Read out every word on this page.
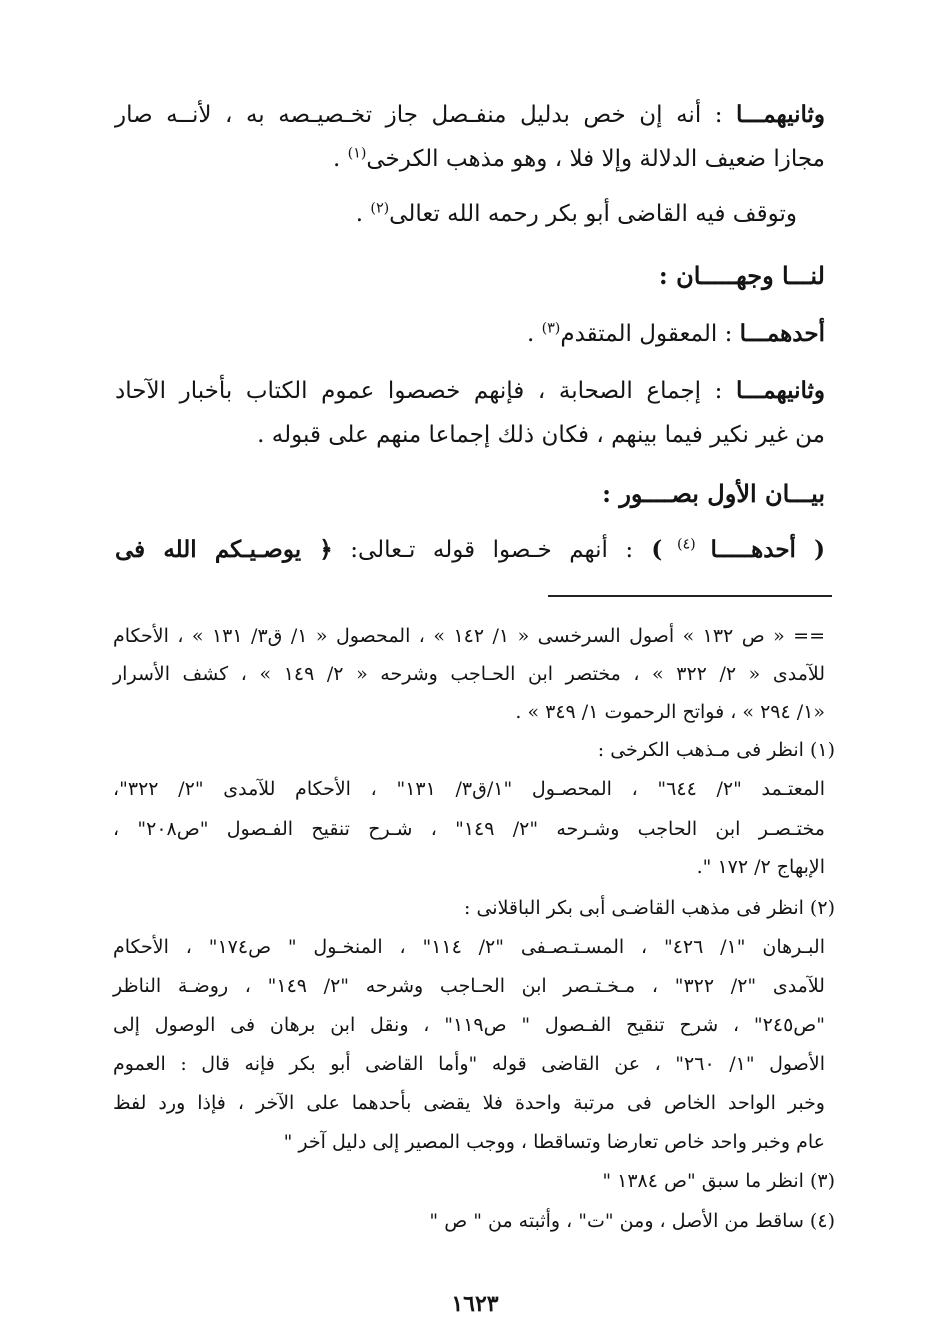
وثانيهمـــا : أنه إن خص بدليل منفـصل جاز تخـصيـصه به ، لأنــه صار
مجازا ضعيف الدلالة وإلا فلا ، وهو مذهب الكرخى$^{(١)}$ .
وتوقف فيه القاضى أبو بكر رحمه الله تعالى$^{(٢)}$ .
لنـــا وجهـــــان :
أحدهمـــا : المعقول المتقدم$^{(٣)}$ .
وثانيهمـــا : إجماع الصحابة ، فإنهم خصصوا عموم الكتاب بأخبار الآحاد
من غير نكير فيما بينهم ، فكان ذلك إجماعا منهم على قبوله .
بيـــان الأول بصــــور :
( أحدهـــــا $^{(٤)}$ ) : أنهم خـصوا قوله تـعالى: ﴿ يوصـيـكم الله فى
== « ص ١٣٢ » أصول السرخسى « ١/ ١٤٢ » ، المحصول « ١/ ق٣/ ١٣١ » ، الأحكام
للآمدى « ٢/ ٣٢٢ » ، مختصر ابن الحـاجب وشرحه « ٢/ ١٤٩ » ، كشف الأسرار
«١/ ٢٩٤ » ، فواتح الرحموت ١/ ٣٤٩ » .
(١) انظر فى مـذهب الكرخى :
المعتـمد "٢/ ٦٤٤" ، المحصـول "١/ق٣/ ١٣١" ، الأحكام للآمدى "٢/ ٣٢٢"،
مختـصـر ابن الحاجب وشـرحه "٢/ ١٤٩" ، شـرح تنقيح الفـصول "ص٢٠٨" ،
الإبهاج ٢/ ١٧٢ ".
(٢) انظر فى مذهب القاضـى أبى بكر الباقلانى :
البـرهان "١/ ٤٢٦" ، المسـتـصـفى "٢/ ١١٤" ، المنخـول " ص١٧٤" ، الأحكام
للآمدى "٢/ ٣٢٢" ، مـخـتـصر ابن الحـاجب وشرحه "٢/ ١٤٩" ، روضـة الناظر
"ص٢٤٥" ، شرح تنقيح الفـصول " ص١١٩" ، ونقل ابن برهان فى الوصول إلى
الأصول "١/ ٢٦٠" ، عن القاضى قوله "وأما القاضى أبو بكر فإنه قال : العموم
وخبر الواحد الخاص فى مرتبة واحدة فلا يقضى بأحدهما على الآخر ، فإذا ورد لفظ
عام وخبر واحد خاص تعارضا وتساقطا ، ووجب المصير إلى دليل آخر "
(٣) انظر ما سبق "ص ١٣٨٤ "
(٤) ساقط من الأصل ، ومن "ت" ، وأثبته من " ص "
١٦٢٣
